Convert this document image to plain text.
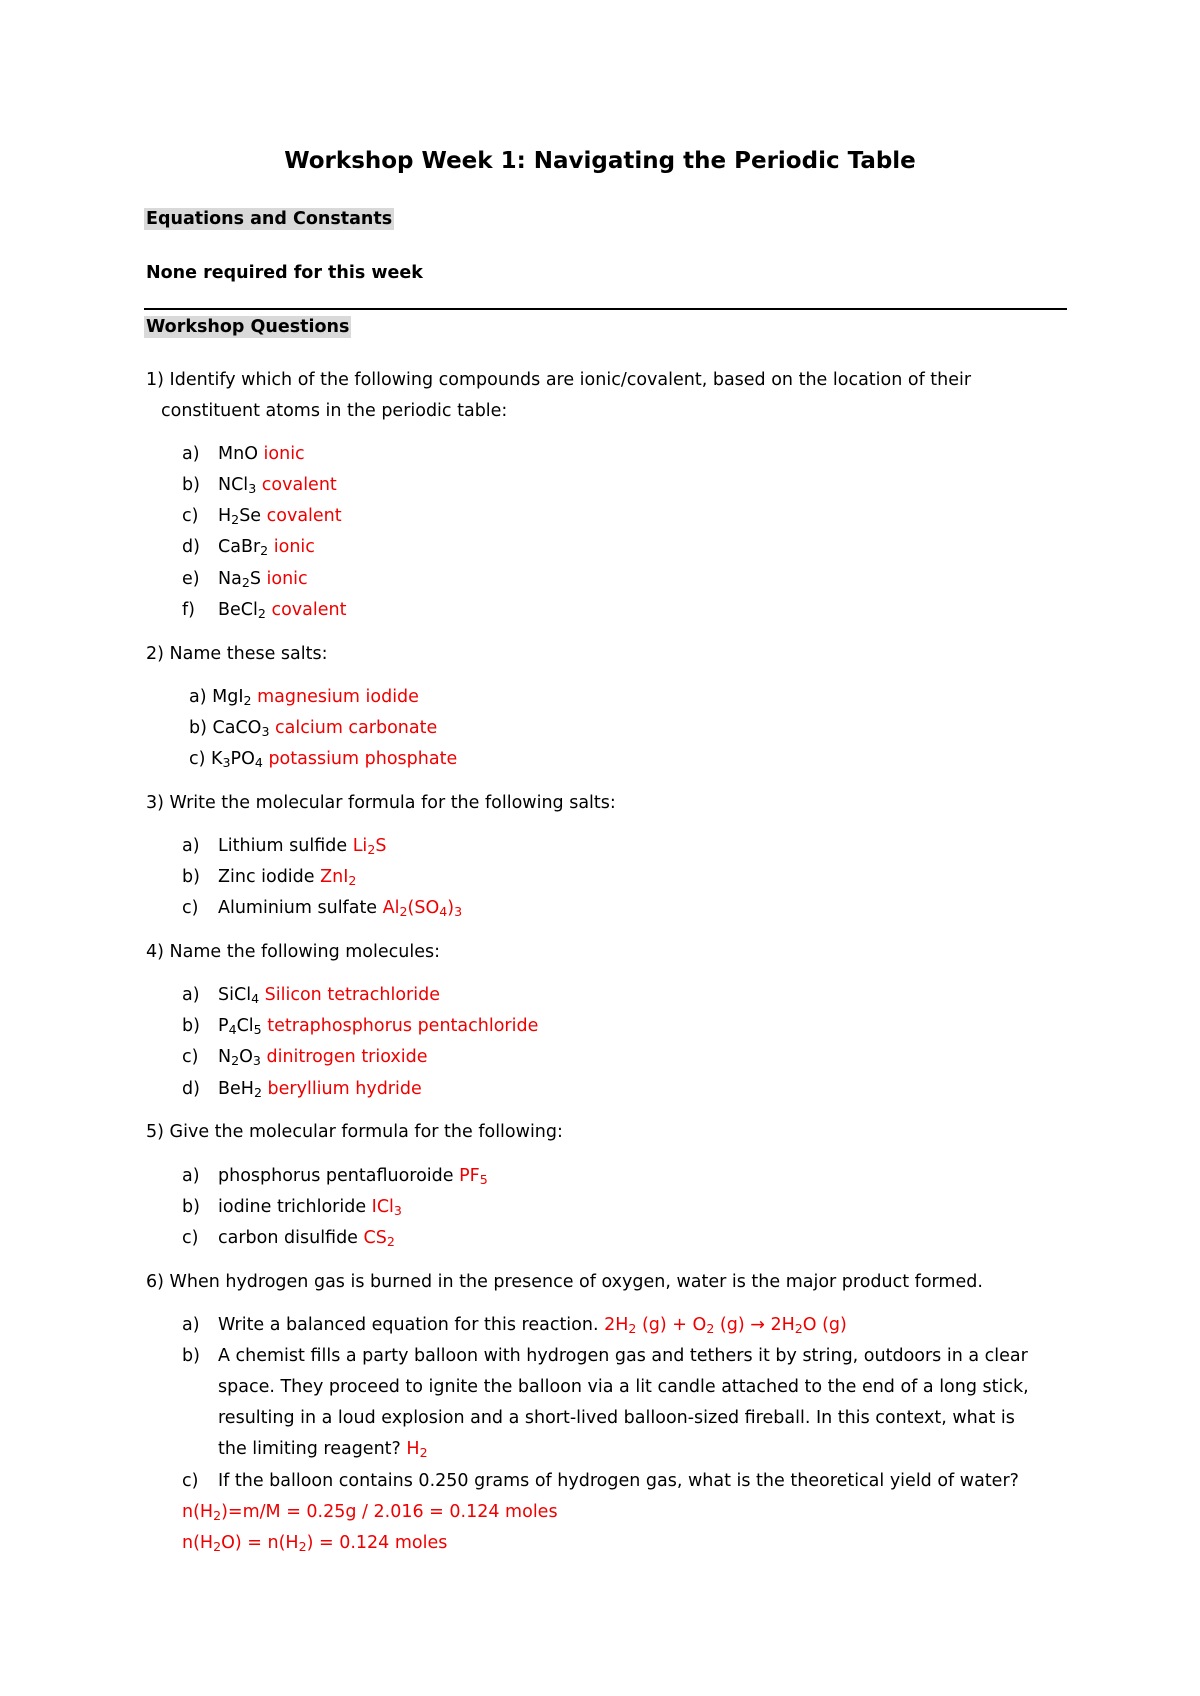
Workshop Week 1: Navigating the Periodic Table
Equations and Constants
None required for this week
Workshop Questions
1) Identify which of the following compounds are ionic/covalent, based on the location of their
constituent atoms in the periodic table:
a) MnO ionic
b) NCl$_3$ covalent
c) $H_2Se$ covalent
d) CaBr$_2$ ionic
e) $Na_2S$ ionic
f) BeCl$_2$ covalent
2) Name these salts:
a) MgI$_2$ magnesium iodide
b) CaCO$_3$ calcium carbonate
c) $K_3PO_4$ potassium phosphate
3) Write the molecular formula for the following salts:
a) Lithium sulfide $Li_2S$
b) Zinc iodide ZnI$_2$
c) Aluminium sulfate $Al_2(SO_4)_3$
4) Name the following molecules:
a) SiCl$_4$ Silicon tetrachloride
b) $P_4Cl_5$ tetraphosphorus pentachloride
c) $N_2O_3$ dinitrogen trioxide
d) BeH$_2$ beryllium hydride
5) Give the molecular formula for the following:
a) phosphorus pentafluoroide $PF_5$
b) iodine trichloride ICl$_3$
c) carbon disulfide $CS_2$
6) When hydrogen gas is burned in the presence of oxygen, water is the major product formed.
a) Write a balanced equation for this reaction. $2H_2$ $(g) + O_2$ $(g) \to 2H_2O$ (g)
b) A chemist fills a party balloon with hydrogen gas and tethers it by string, outdoors in a clear
space. They proceed to ignite the balloon via a lit candle attached to the end of a long stick,
resulting in a loud explosion and a short-lived balloon-sized fireball. In this context, what is
the limiting reagent? $H_2$
c) If the balloon contains 0.250 grams of hydrogen gas, what is the theoretical yield of water?
$n(H_2)=m/M = 0.25g / 2.016 = 0.124$ moles
$n(H_2O) = n(H_2) = 0.124$ moles
